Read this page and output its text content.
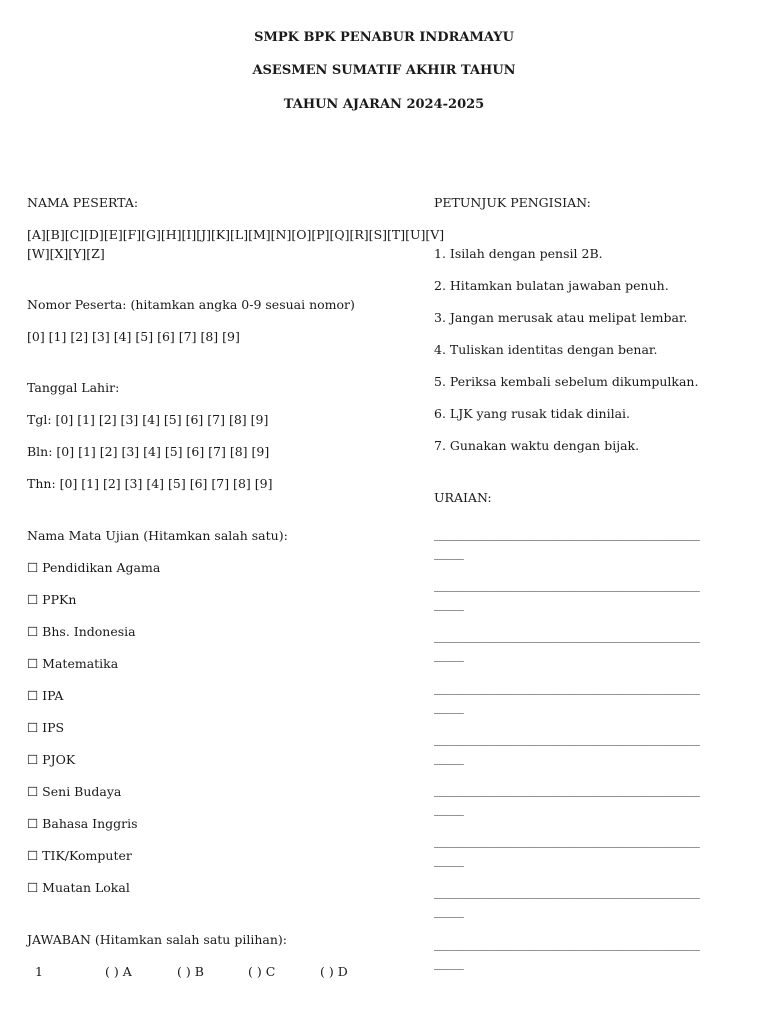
SMPK BPK PENABUR INDRAMAYU
ASESMEN SUMATIF AKHIR TAHUN
TAHUN AJARAN 2024-2025
NAMA PESERTA:
[A][B][C][D][E][F][G][H][I][J][K][L][M][N][O][P][Q][R][S][T][U][V]
[W][X][Y][Z]
Nomor Peserta: (hitamkan angka 0-9 sesuai nomor)
[0] [1] [2] [3] [4] [5] [6] [7] [8] [9]
Tanggal Lahir:
Tgl: [0] [1] [2] [3] [4] [5] [6] [7] [8] [9]
Bln: [0] [1] [2] [3] [4] [5] [6] [7] [8] [9]
Thn: [0] [1] [2] [3] [4] [5] [6] [7] [8] [9]
Nama Mata Ujian (Hitamkan salah satu):
☐ Pendidikan Agama
☐ PPKn
☐ Bhs. Indonesia
☐ Matematika
☐ IPA
☐ IPS
☐ PJOK
☐ Seni Budaya
☐ Bahasa Inggris
☐ TIK/Komputer
☐ Muatan Lokal
JAWABAN (Hitamkan salah satu pilihan):
1	( ) A	( ) B	( ) C	( ) D
PETUNJUK PENGISIAN:
1. Isilah dengan pensil 2B.
2. Hitamkan bulatan jawaban penuh.
3. Jangan merusak atau melipat lembar.
4. Tuliskan identitas dengan benar.
5. Periksa kembali sebelum dikumpulkan.
6. LJK yang rusak tidak dinilai.
7. Gunakan waktu dengan bijak.
URAIAN:
_____________________________________________
_____
_____________________________________________
_____
_____________________________________________
_____
_____________________________________________
_____
_____________________________________________
_____
_____________________________________________
_____
_____________________________________________
_____
_____________________________________________
_____
_____________________________________________
_____
